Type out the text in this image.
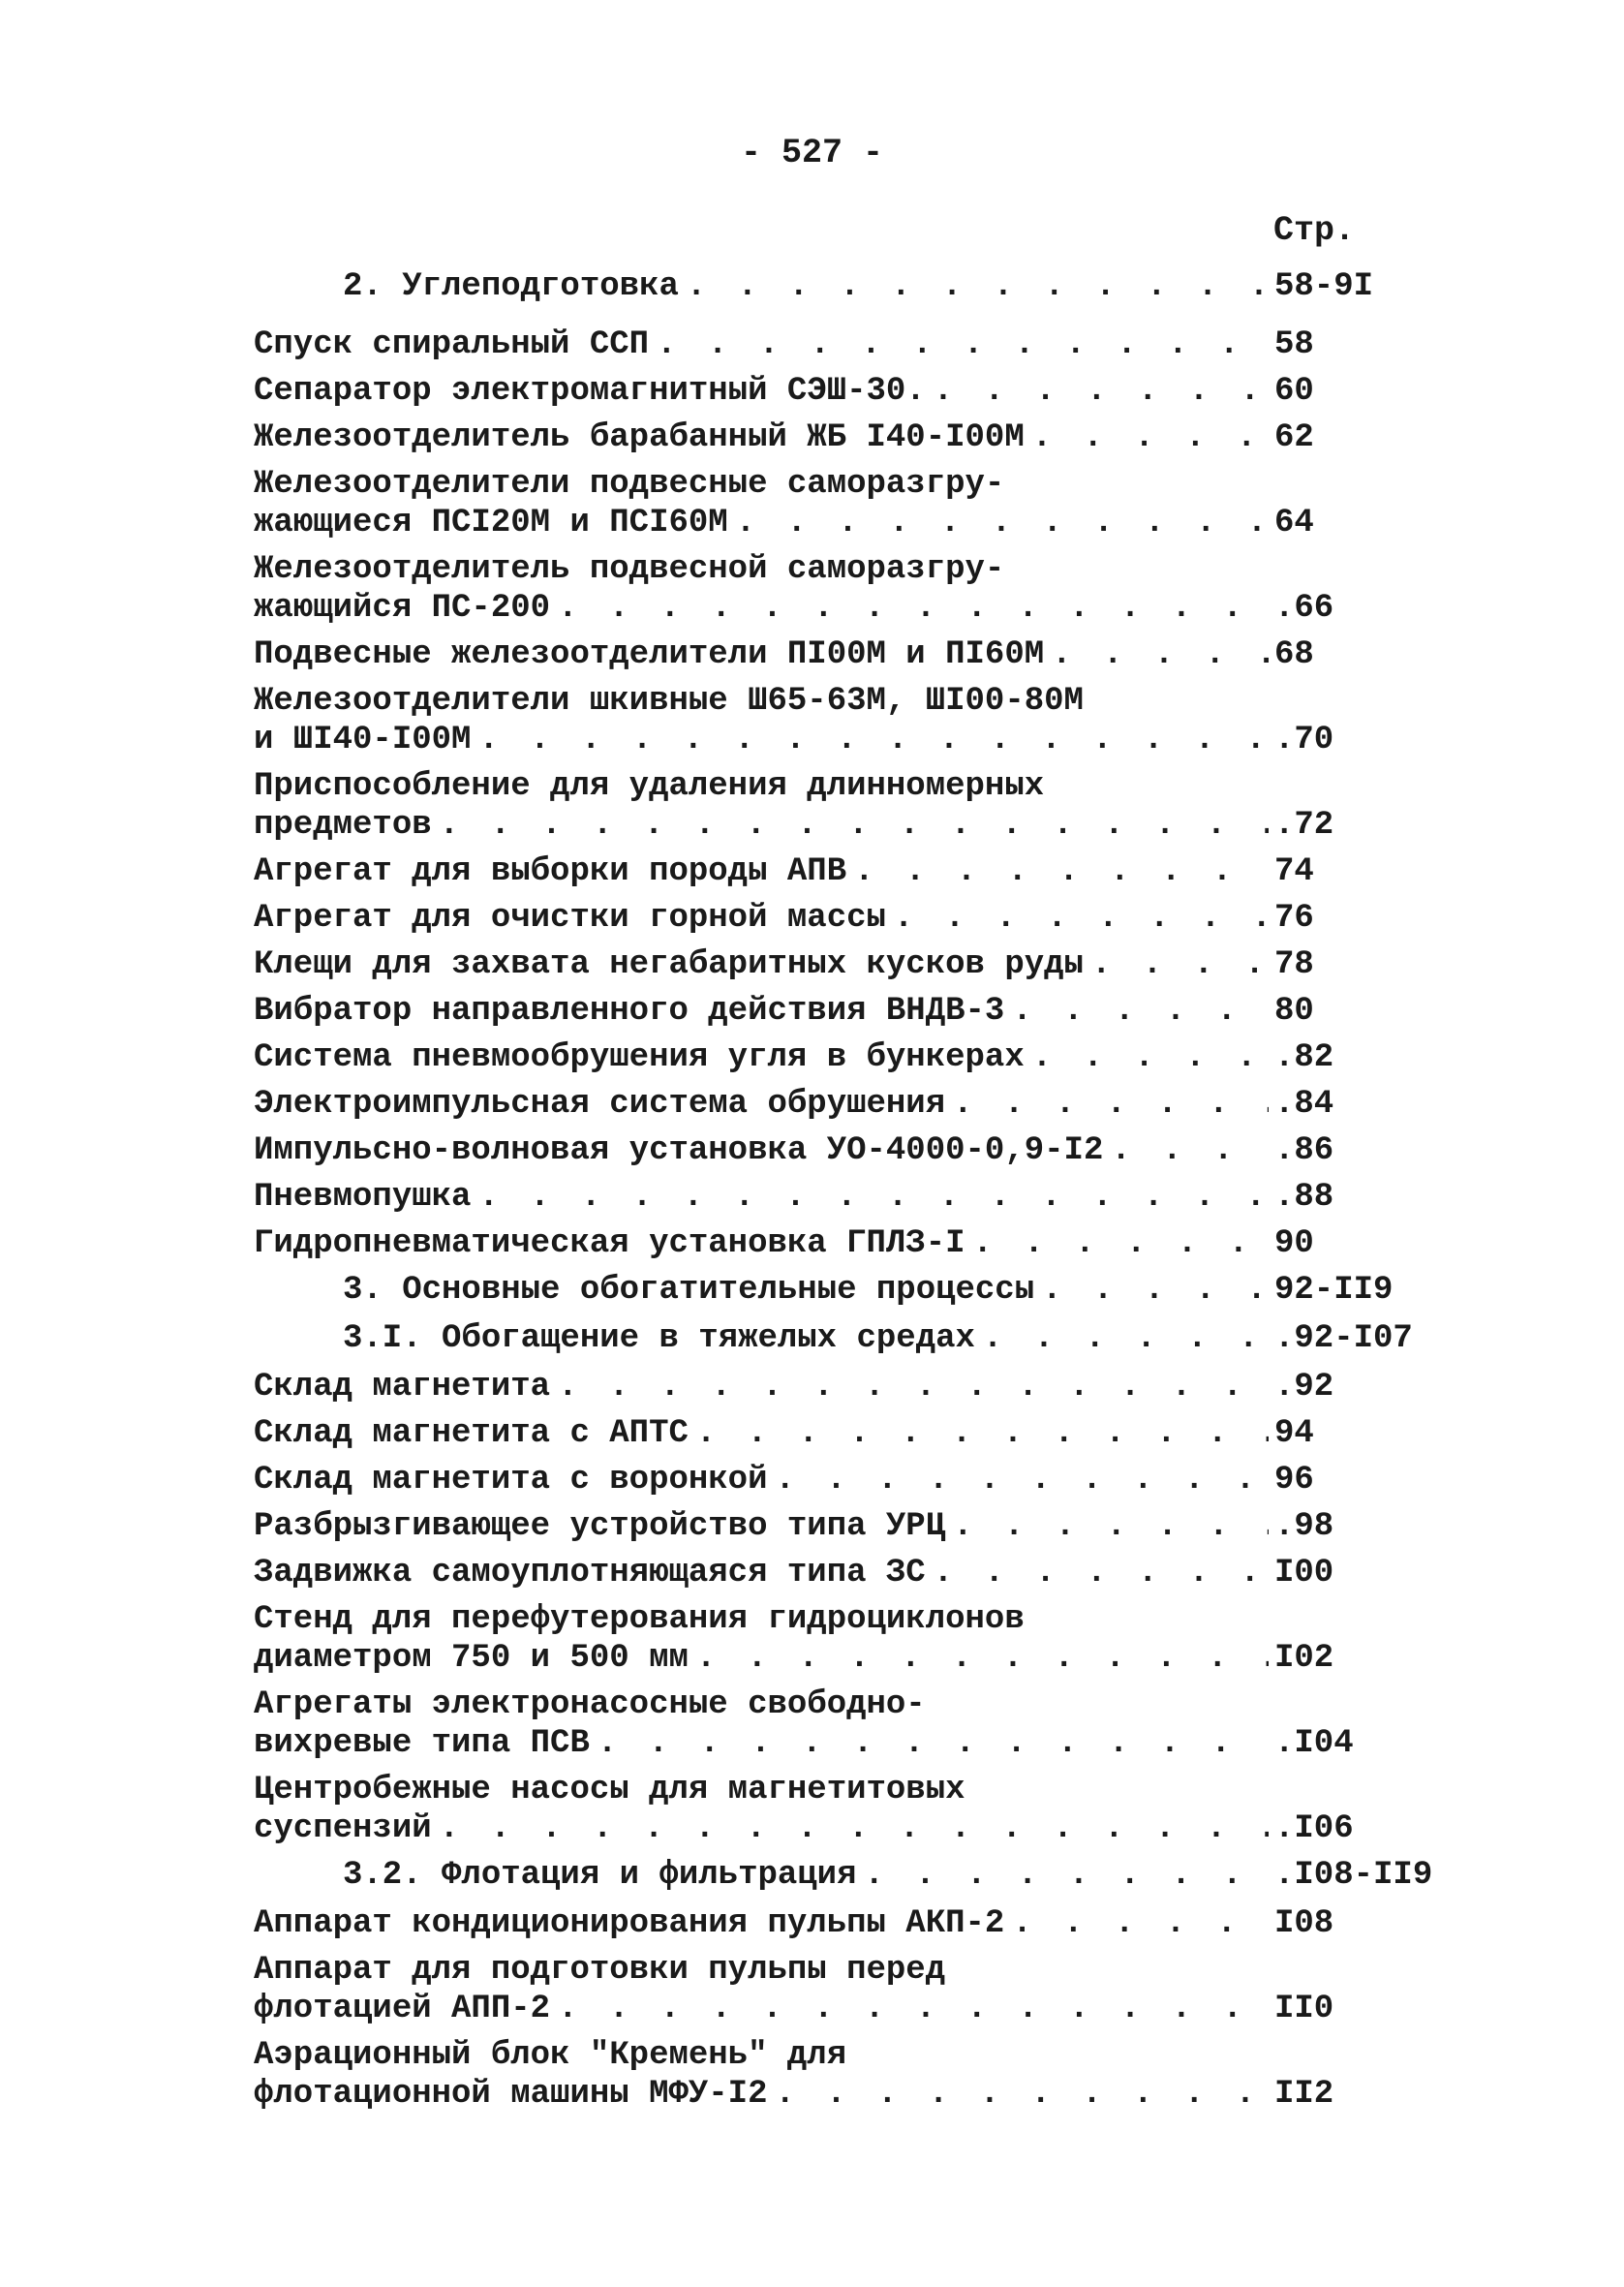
- 527 -
Стр.
2. Углеподготовка . . .	58-9I
Спуск спиральный ССП . . .	58
Сепаратор электромагнитный СЭШ-30. . . .	60
Железоотделитель барабанный ЖБ I40-I00М . . .	62
Железоотделители подвесные саморазгру-
жающиеся ПСI20М и ПСI60М . . .	64
Железоотделитель подвесной саморазгру-
жающийся ПС-200 . . .	.66
Подвесные железоотделители ПI00М и ПI60М . . .	68
Железоотделители шкивные Ш65-63М, ШI00-80М
и ШI40-I00М . . .	.70
Приспособление для удаления длинномерных
предметов . . .	.72
Агрегат для выборки породы АПВ . . .	74
Агрегат для очистки горной массы . . .	76
Клещи для захвата негабаритных кусков руды . . .	78
Вибратор направленного действия ВНДВ-3 . . .	80
Система пневмообрушения угля в бункерах . . .	.82
Электроимпульсная система обрушения . . .	.84
Импульсно-волновая установка УО-4000-0,9-I2 . . .	.86
Пневмопушка . . .	.88
Гидропневматическая установка ГПЛЗ-I . . .	90
3. Основные обогатительные процессы . . .	92-II9
3.I. Обогащение в тяжелых средах . . .	.92-I07
Склад магнетита . . .	.92
Склад магнетита с АПТС . . .	94
Склад магнетита с воронкой . . .	96
Разбрызгивающее устройство типа УРЦ . . .	.98
Задвижка самоуплотняющаяся типа ЗС . . .	I00
Стенд для перефутерования гидроциклонов
диаметром 750 и 500 мм . . .	I02
Агрегаты электронасосные свободно-
вихревые типа ПСВ . . .	.I04
Центробежные насосы для магнетитовых
суспензий . . .	.I06
3.2. Флотация и фильтрация . . .	.I08-II9
Аппарат кондиционирования пульпы АКП-2 . . .	I08
Аппарат для подготовки пульпы перед
флотацией АПП-2 . . .	II0
Аэрационный блок "Кремень" для
флотационной машины МФУ-I2 . . .	II2
